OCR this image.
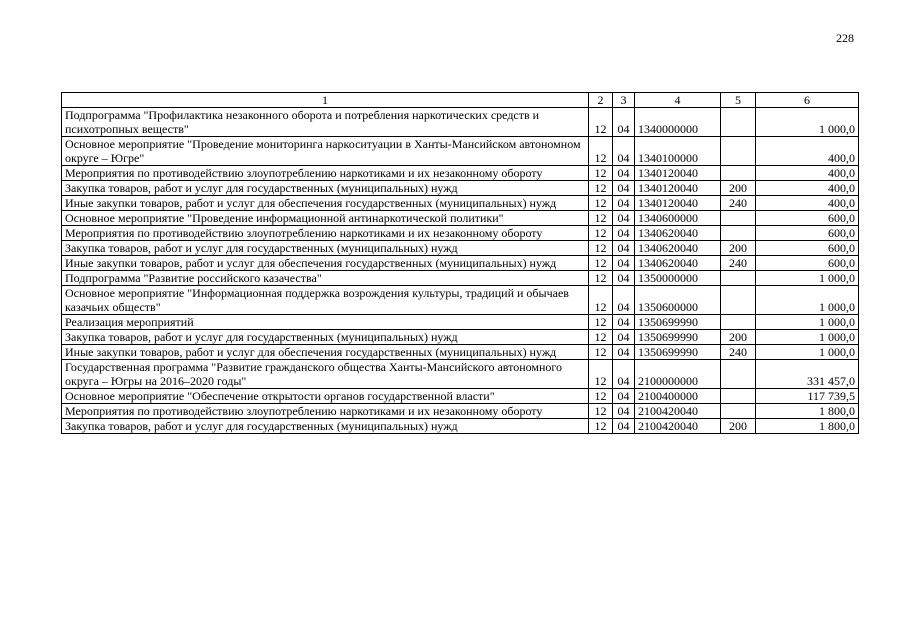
228
1	2	3	4	5	6
Подпрограмма "Профилактика незаконного оборота и потребления наркотических средств и психотропных веществ"	12	04	1340000000		1 000,0
Основное мероприятие "Проведение мониторинга наркоситуации в Ханты-Мансийском автономном округе – Югре"	12	04	1340100000		400,0
Мероприятия по противодействию злоупотреблению наркотиками и их незаконному обороту	12	04	1340120040		400,0
Закупка товаров, работ и услуг для государственных (муниципальных) нужд	12	04	1340120040	200	400,0
Иные закупки товаров, работ и услуг для обеспечения государственных (муниципальных) нужд	12	04	1340120040	240	400,0
Основное мероприятие "Проведение информационной антинаркотической политики"	12	04	1340600000		600,0
Мероприятия по противодействию злоупотреблению наркотиками и их незаконному обороту	12	04	1340620040		600,0
Закупка товаров, работ и услуг для государственных (муниципальных) нужд	12	04	1340620040	200	600,0
Иные закупки товаров, работ и услуг для обеспечения государственных (муниципальных) нужд	12	04	1340620040	240	600,0
Подпрограмма "Развитие российского казачества"	12	04	1350000000		1 000,0
Основное мероприятие "Информационная поддержка возрождения культуры, традиций и обычаев казачьих обществ"	12	04	1350600000		1 000,0
Реализация мероприятий	12	04	1350699990		1 000,0
Закупка товаров, работ и услуг для государственных (муниципальных) нужд	12	04	1350699990	200	1 000,0
Иные закупки товаров, работ и услуг для обеспечения государственных (муниципальных) нужд	12	04	1350699990	240	1 000,0
Государственная программа "Развитие гражданского общества Ханты-Мансийского автономного округа – Югры на 2016–2020 годы"	12	04	2100000000		331 457,0
Основное мероприятие "Обеспечение открытости органов государственной власти"	12	04	2100400000		117 739,5
Мероприятия по противодействию злоупотреблению наркотиками и их незаконному обороту	12	04	2100420040		1 800,0
Закупка товаров, работ и услуг для государственных (муниципальных) нужд	12	04	2100420040	200	1 800,0
